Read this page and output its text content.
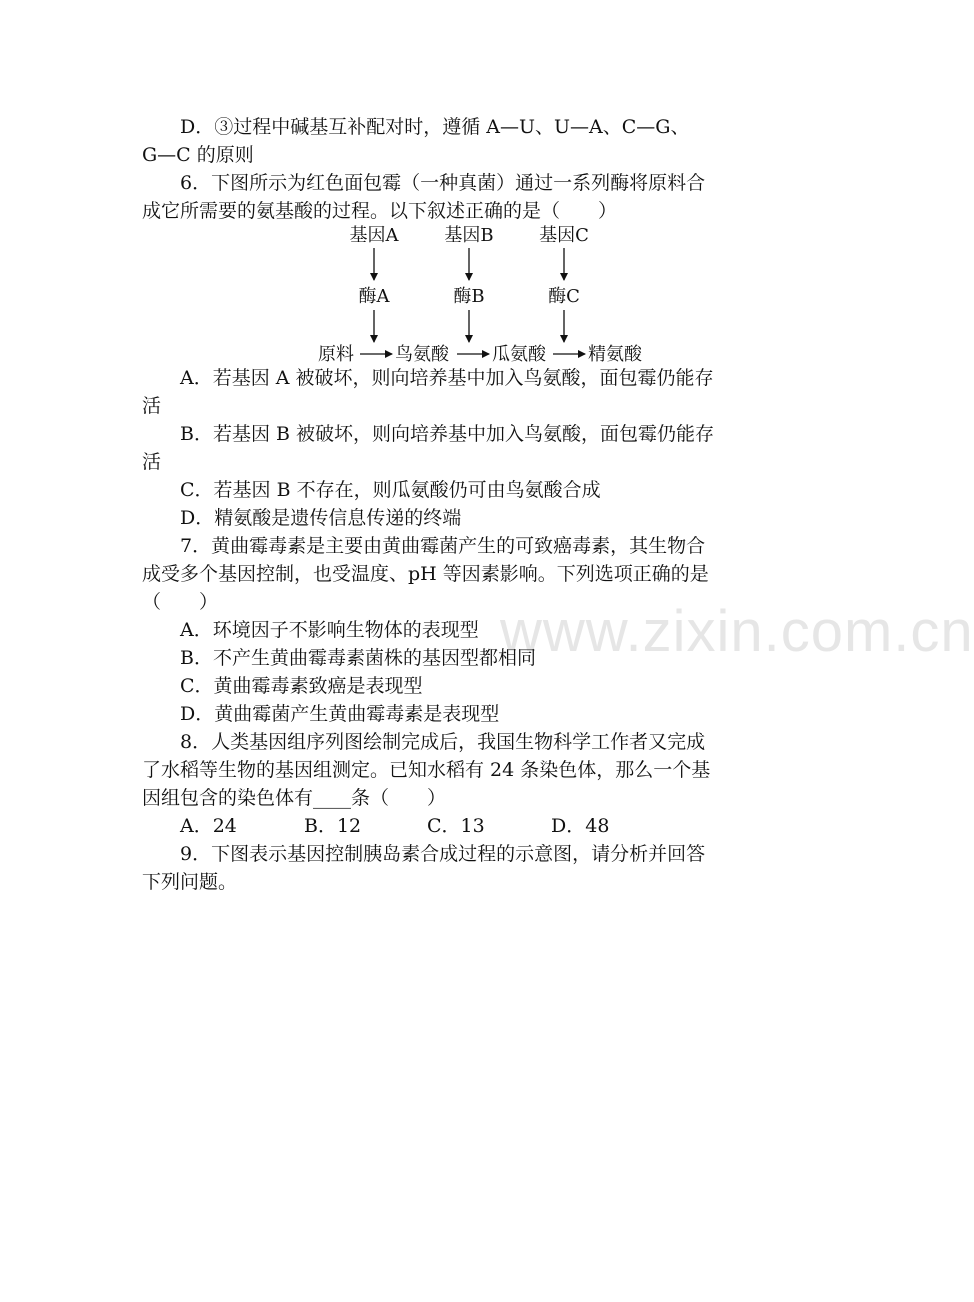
www.zixin.com.cn
D．③过程中碱基互补配对时，遵循 A—U、U—A、C—G、
G—C 的原则
6．下图所示为红色面包霉（一种真菌）通过一系列酶将原料合
成它所需要的氨基酸的过程。以下叙述正确的是（　　）
基因A	基因B	基因C
酶A	酶B	酶C
原料 鸟氨酸 瓜氨酸 精氨酸
A．若基因 A 被破坏，则向培养基中加入鸟氨酸，面包霉仍能存
活
B．若基因 B 被破坏，则向培养基中加入鸟氨酸，面包霉仍能存
活
C．若基因 B 不存在，则瓜氨酸仍可由鸟氨酸合成
D．精氨酸是遗传信息传递的终端
7．黄曲霉毒素是主要由黄曲霉菌产生的可致癌毒素，其生物合
成受多个基因控制，也受温度、pH 等因素影响。下列选项正确的是
（　　）
A．环境因子不影响生物体的表现型
B．不产生黄曲霉毒素菌株的基因型都相同
C．黄曲霉毒素致癌是表现型
D．黄曲霉菌产生黄曲霉毒素是表现型
8．人类基因组序列图绘制完成后，我国生物科学工作者又完成
了水稻等生物的基因组测定。已知水稻有 24 条染色体，那么一个基
因组包含的染色体有____条（　　）
A．24	B．12	C．13	D．48
9．下图表示基因控制胰岛素合成过程的示意图，请分析并回答
下列问题。
